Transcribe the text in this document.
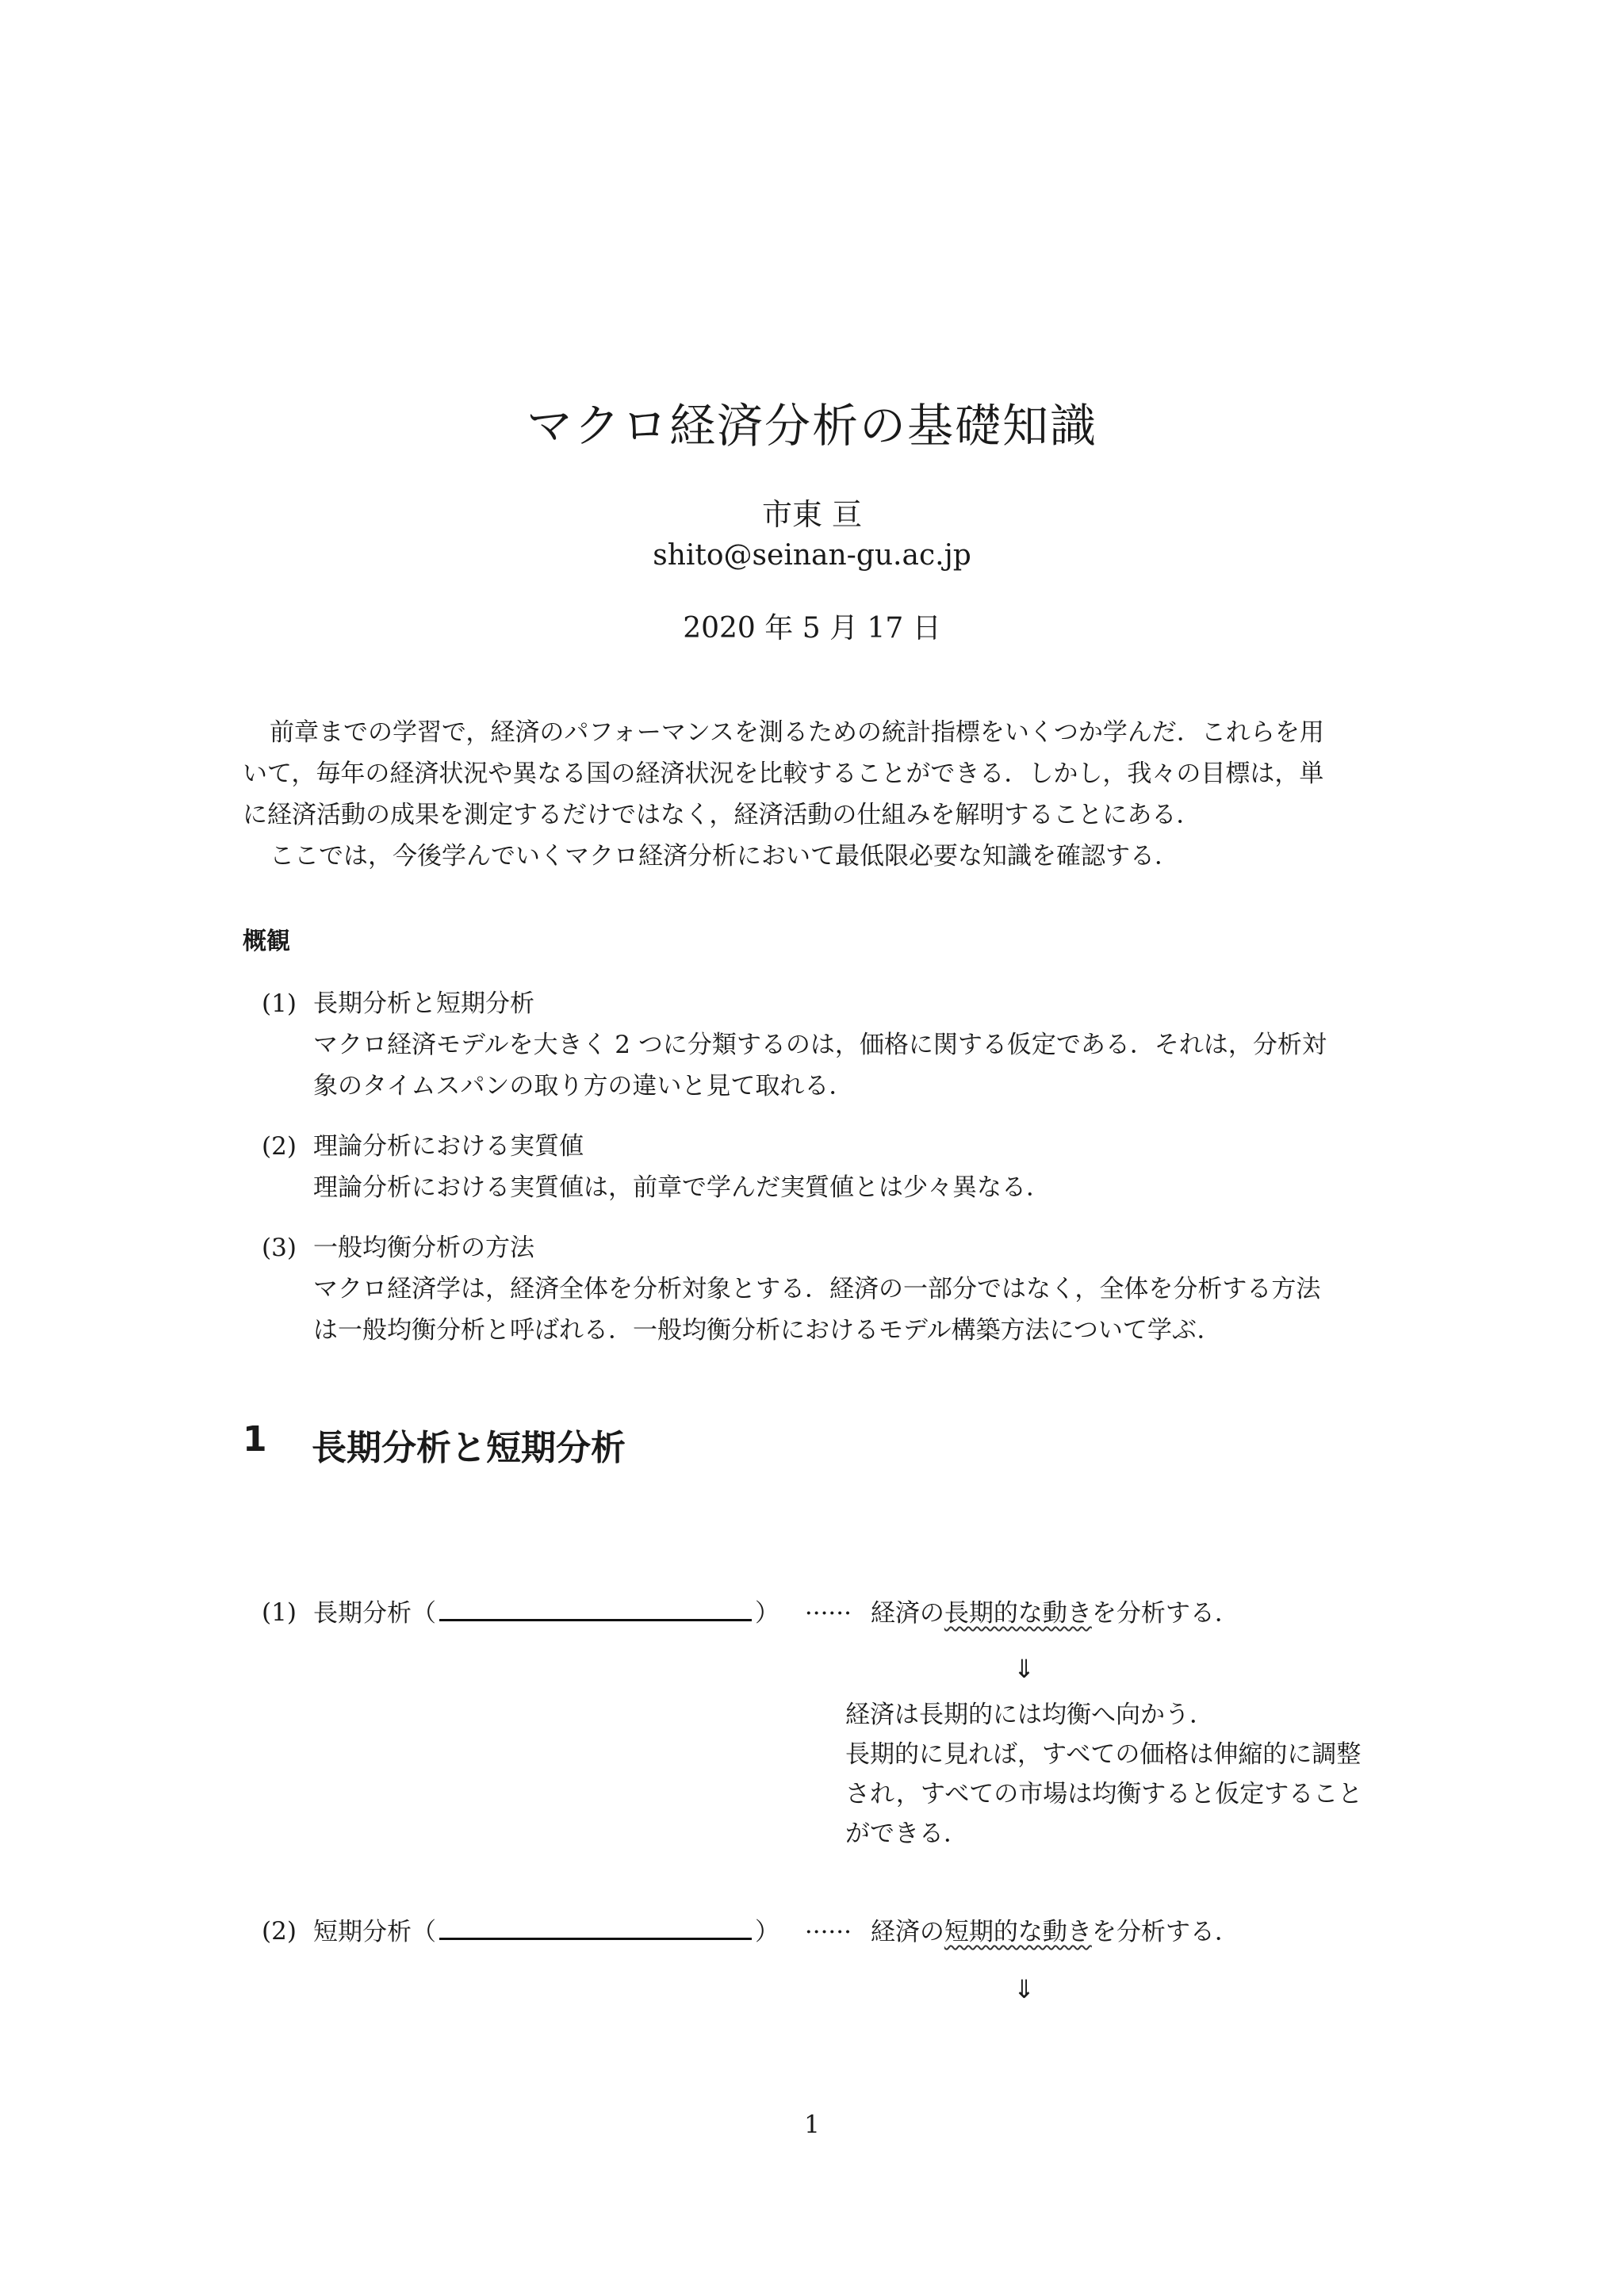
マクロ経済分析の基礎知識
市東 亘
shito@seinan-gu.ac.jp
2020 年 5 月 17 日
前章までの学習で，経済のパフォーマンスを測るための統計指標をいくつか学んだ．これらを用
いて，毎年の経済状況や異なる国の経済状況を比較することができる．しかし，我々の目標は，単
に経済活動の成果を測定するだけではなく，経済活動の仕組みを解明することにある．
ここでは，今後学んでいくマクロ経済分析において最低限必要な知識を確認する．
概観
(1) 長期分析と短期分析
マクロ経済モデルを大きく 2 つに分類するのは，価格に関する仮定である．それは，分析対
象のタイムスパンの取り方の違いと見て取れる．
(2) 理論分析における実質値
理論分析における実質値は，前章で学んだ実質値とは少々異なる．
(3) 一般均衡分析の方法
マクロ経済学は，経済全体を分析対象とする．経済の一部分ではなく，全体を分析する方法
は一般均衡分析と呼ばれる．一般均衡分析におけるモデル構築方法について学ぶ．
1 長期分析と短期分析
(1) 長期分析（	） ······ 経済の長期的な動きを分析する．
⇓
経済は長期的には均衡へ向かう．
長期的に見れば，すべての価格は伸縮的に調整
され，すべての市場は均衡すると仮定すること
ができる．
(2) 短期分析（	） ······ 経済の短期的な動きを分析する．
⇓
1
